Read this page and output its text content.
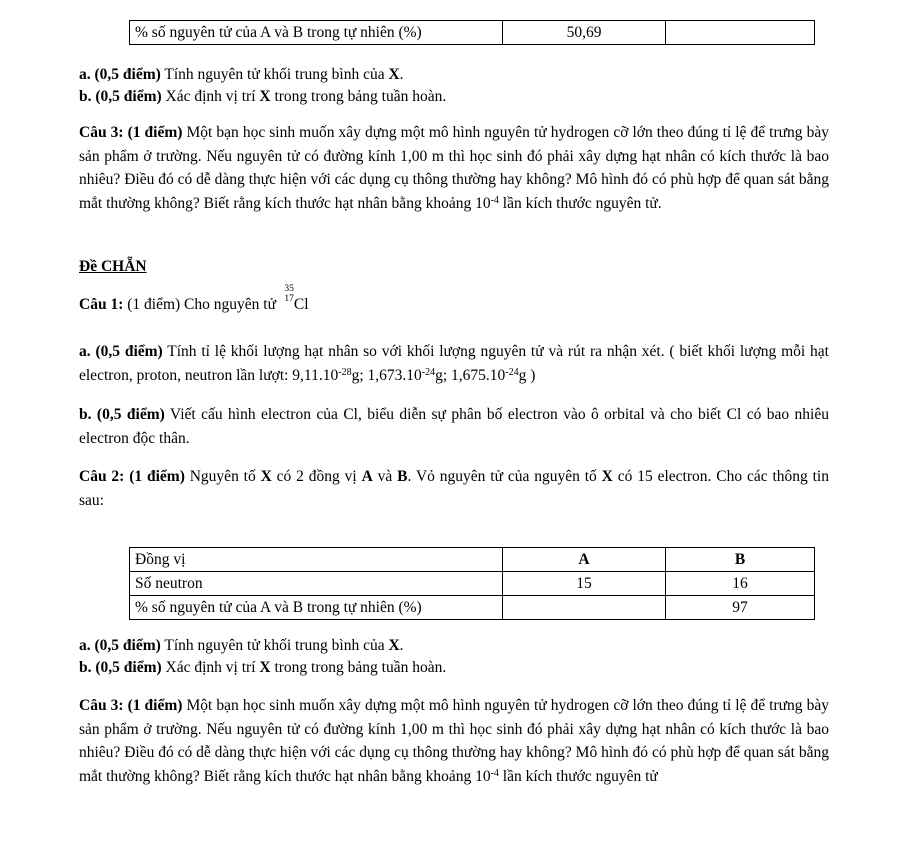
% số nguyên tử của A và B trong tự nhiên (%)	50,69	

a. (0,5 điểm) Tính nguyên tử khối trung bình của X.

b. (0,5 điểm) Xác định vị trí X trong trong bảng tuần hoàn.

Câu 3: (1 điểm) Một bạn học sinh muốn xây dựng một mô hình nguyên tử hydrogen cỡ lớn theo đúng tỉ lệ để trưng bày sản phẩm ở trường. Nếu nguyên tử có đường kính 1,00 m thì học sinh đó phải xây dựng hạt nhân có kích thước là bao nhiêu? Điều đó có dễ dàng thực hiện với các dụng cụ thông thường hay không? Mô hình đó có phù hợp để quan sát bằng mắt thường không? Biết rằng kích thước hạt nhân bằng khoảng $10^{-4}$ lần kích thước nguyên tử.

Đề CHẴN

Câu 1: (1 điểm) Cho nguyên tử
35
17 Cl

a. (0,5 điểm) Tính tỉ lệ khối lượng hạt nhân so với khối lượng nguyên tử và rút ra nhận xét. ( biết khối lượng mỗi hạt electron, proton, neutron lần lượt: $9,11.10^{-28}g$; $1,673.10^{-24}g$; $1,675.10^{-24}g$ )

b. (0,5 điểm) Viết cấu hình electron của Cl, biểu diễn sự phân bố electron vào ô orbital và cho biết Cl có bao nhiêu electron độc thân.

Câu 2: (1 điểm) Nguyên tố X có 2 đồng vị A và B. Vỏ nguyên tử của nguyên tố X có 15 electron. Cho các thông tin sau:

Đồng vị	A	B
Số neutron	15	16
% số nguyên tử của A và B trong tự nhiên (%)		97

a. (0,5 điểm) Tính nguyên tử khối trung bình của X.

b. (0,5 điểm) Xác định vị trí X trong trong bảng tuần hoàn.

Câu 3: (1 điểm) Một bạn học sinh muốn xây dựng một mô hình nguyên tử hydrogen cỡ lớn theo đúng tỉ lệ để trưng bày sản phẩm ở trường. Nếu nguyên tử có đường kính 1,00 m thì học sinh đó phải xây dựng hạt nhân có kích thước là bao nhiêu? Điều đó có dễ dàng thực hiện với các dụng cụ thông thường hay không? Mô hình đó có phù hợp để quan sát bằng mắt thường không? Biết rằng kích thước hạt nhân bằng khoảng $10^{-4}$ lần kích thước nguyên tử
